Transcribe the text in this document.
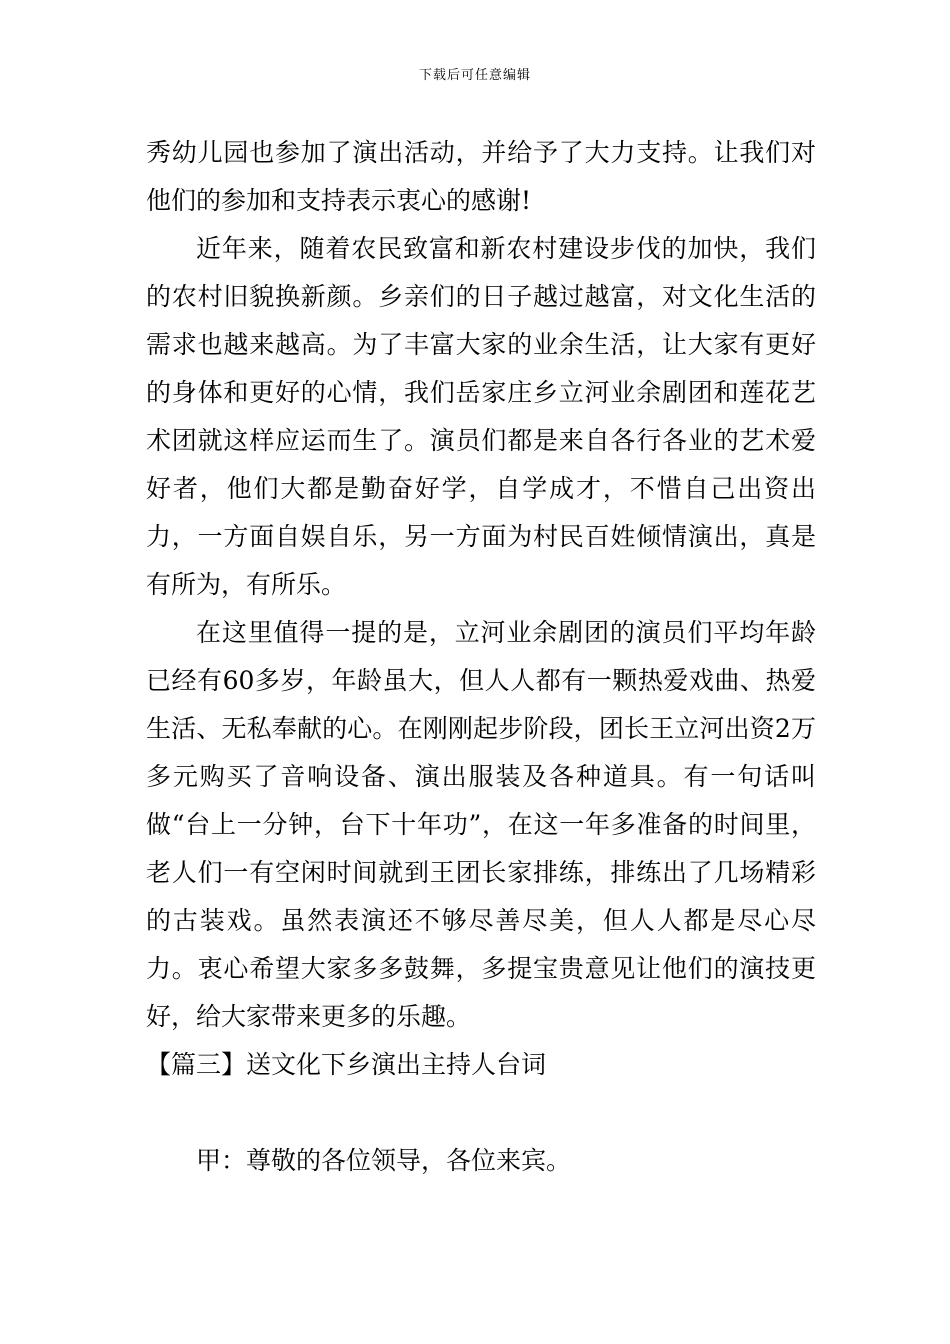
下载后可任意编辑

秀幼儿园也参加了演出活动，并给予了大力支持。让我们对他们的参加和支持表示衷心的感谢!

近年来，随着农民致富和新农村建设步伐的加快，我们的农村旧貌换新颜。乡亲们的日子越过越富，对文化生活的需求也越来越高。为了丰富大家的业余生活，让大家有更好的身体和更好的心情，我们岳家庄乡立河业余剧团和莲花艺术团就这样应运而生了。演员们都是来自各行各业的艺术爱好者，他们大都是勤奋好学，自学成才，不惜自己出资出力，一方面自娱自乐，另一方面为村民百姓倾情演出，真是有所为，有所乐。

在这里值得一提的是，立河业余剧团的演员们平均年龄已经有60多岁，年龄虽大，但人人都有一颗热爱戏曲、热爱生活、无私奉献的心。在刚刚起步阶段，团长王立河出资2万多元购买了音响设备、演出服装及各种道具。有一句话叫做“台上一分钟，台下十年功”，在这一年多准备的时间里，老人们一有空闲时间就到王团长家排练，排练出了几场精彩的古装戏。虽然表演还不够尽善尽美，但人人都是尽心尽力。衷心希望大家多多鼓舞，多提宝贵意见让他们的演技更好，给大家带来更多的乐趣。

【篇三】送文化下乡演出主持人台词

甲：尊敬的各位领导，各位来宾。
